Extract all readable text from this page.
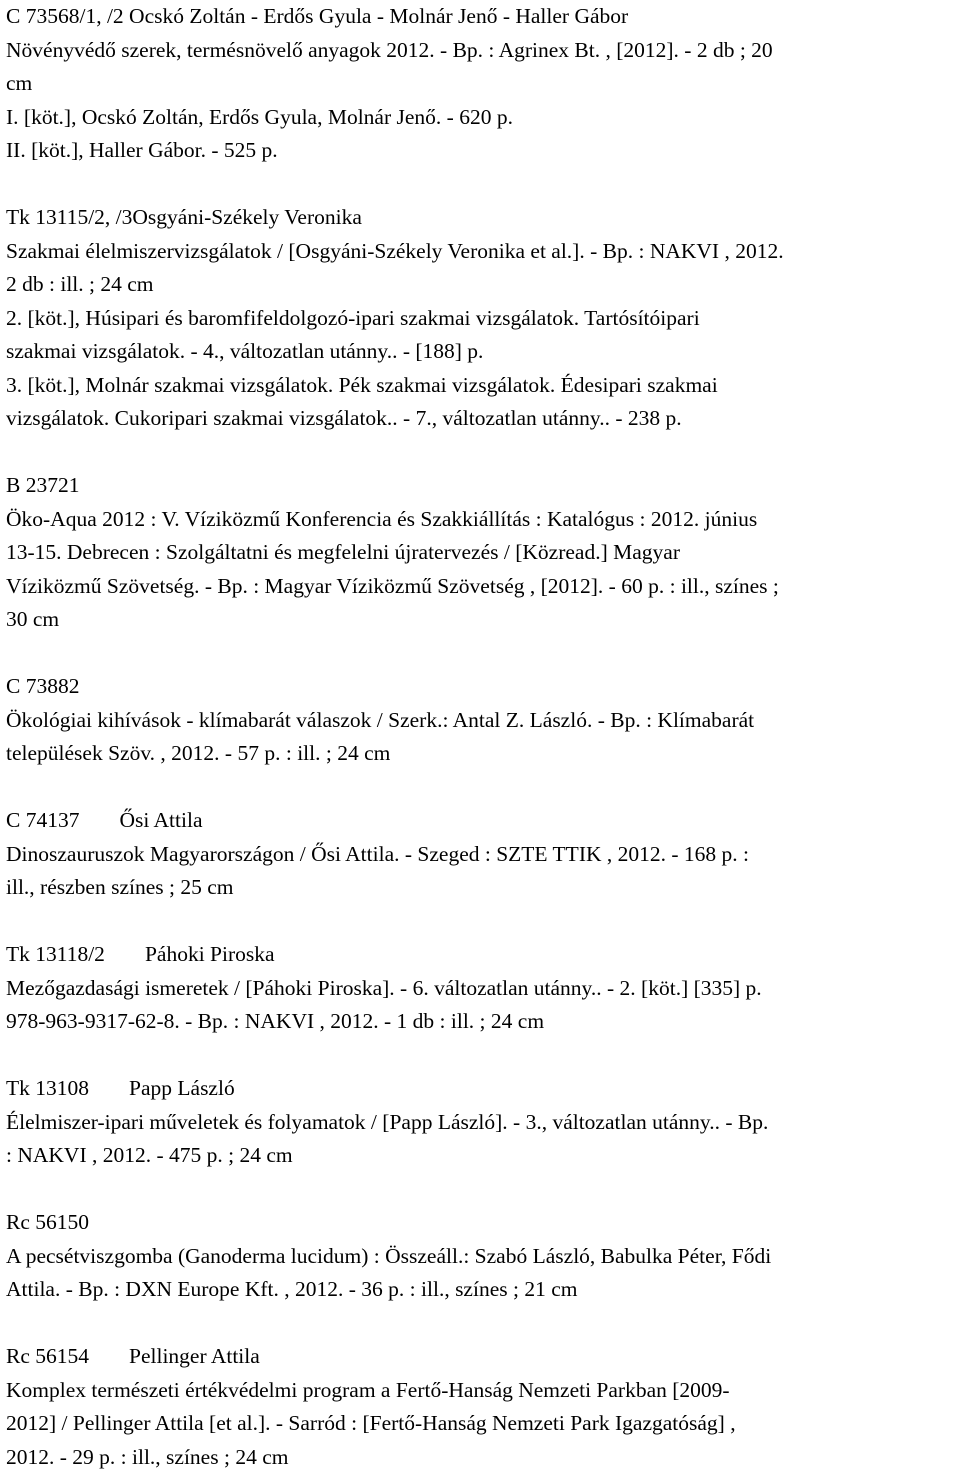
C 73568/1, /2 Ocskó Zoltán - Erdős Gyula - Molnár Jenő - Haller Gábor
Növényvédő szerek, termésnövelő anyagok 2012. - Bp. : Agrinex Bt. , [2012]. - 2 db ; 20
cm
I. [köt.], Ocskó Zoltán, Erdős Gyula, Molnár Jenő. - 620 p.
II. [köt.], Haller Gábor. - 525 p.
Tk 13115/2, /3Osgyáni-Székely Veronika
Szakmai élelmiszervizsgálatok / [Osgyáni-Székely Veronika et al.]. - Bp. : NAKVI , 2012.
2 db : ill. ; 24 cm
2. [köt.], Húsipari és baromfifeldolgozó-ipari szakmai vizsgálatok. Tartósítóipari
szakmai vizsgálatok. - 4., változatlan utánny.. - [188] p.
3. [köt.], Molnár szakmai vizsgálatok. Pék szakmai vizsgálatok. Édesipari szakmai
vizsgálatok. Cukoripari szakmai vizsgálatok.. - 7., változatlan utánny.. - 238 p.
B 23721
Öko-Aqua 2012 : V. Víziközmű Konferencia és Szakkiállítás : Katalógus : 2012. június
13-15. Debrecen : Szolgáltatni és megfelelni újratervezés / [Közread.] Magyar
Víziközmű Szövetség. - Bp. : Magyar Víziközmű Szövetség , [2012]. - 60 p. : ill., színes ;
30 cm
C 73882
Ökológiai kihívások - klímabarát válaszok / Szerk.: Antal Z. László. - Bp. : Klímabarát
települések Szöv. , 2012. - 57 p. : ill. ; 24 cm
C 74137 Ősi Attila
Dinoszauruszok Magyarországon / Ősi Attila. - Szeged : SZTE TTIK , 2012. - 168 p. :
ill., részben színes ; 25 cm
Tk 13118/2 Páhoki Piroska
Mezőgazdasági ismeretek / [Páhoki Piroska]. - 6. változatlan utánny.. - 2. [köt.] [335] p.
978-963-9317-62-8. - Bp. : NAKVI , 2012. - 1 db : ill. ; 24 cm
Tk 13108 Papp László
Élelmiszer-ipari műveletek és folyamatok / [Papp László]. - 3., változatlan utánny.. - Bp.
: NAKVI , 2012. - 475 p. ; 24 cm
Rc 56150
A pecsétviszgomba (Ganoderma lucidum) : Összeáll.: Szabó László, Babulka Péter, Fődi
Attila. - Bp. : DXN Europe Kft. , 2012. - 36 p. : ill., színes ; 21 cm
Rc 56154 Pellinger Attila
Komplex természeti értékvédelmi program a Fertő-Hanság Nemzeti Parkban [2009-
2012] / Pellinger Attila [et al.]. - Sarród : [Fertő-Hanság Nemzeti Park Igazgatóság] ,
2012. - 29 p. : ill., színes ; 24 cm
